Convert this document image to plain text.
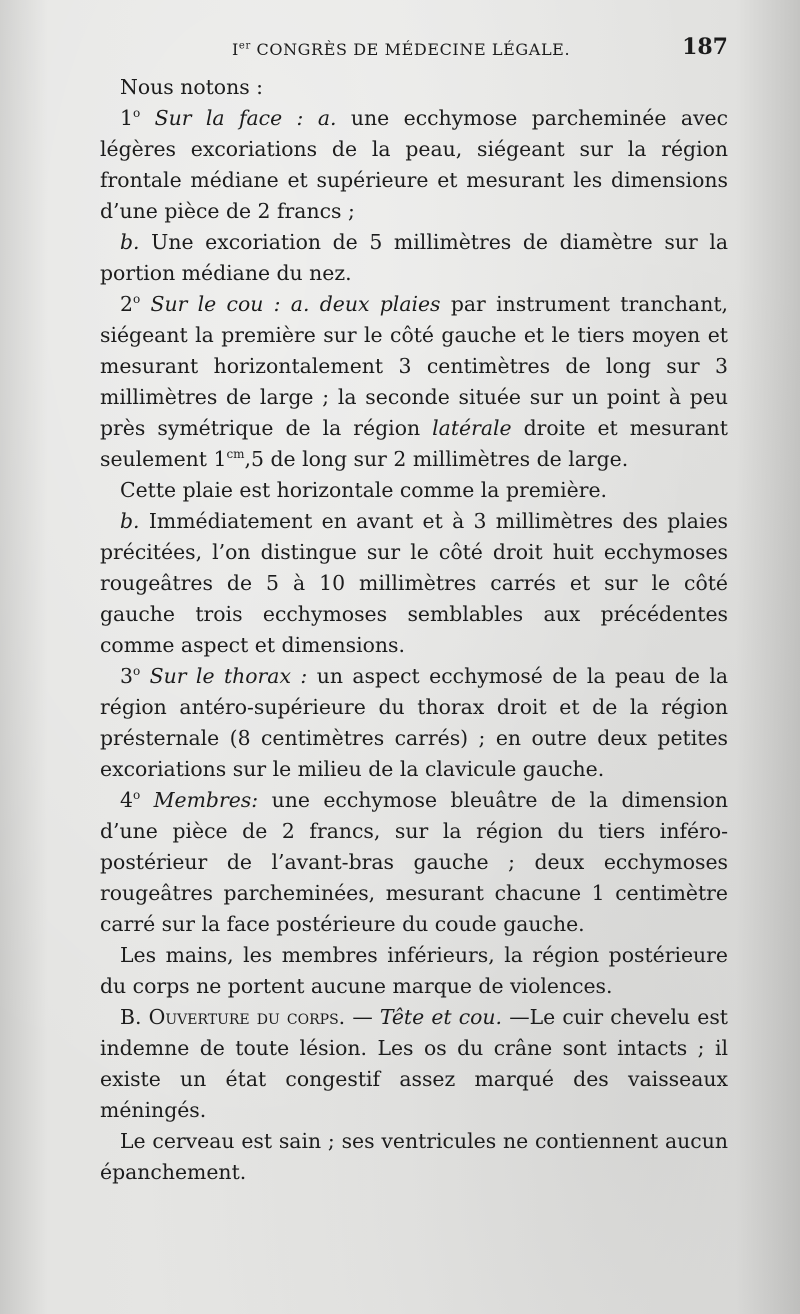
Ier CONGRÈS DE MÉDECINE LÉGALE.	187

Nous notons :

1$^o$ Sur la face : a. une ecchymose parcheminée avec légères excoriations de la peau, siégeant sur la région frontale médiane et supérieure et mesurant les dimensions d’une pièce de 2 francs ;

b. Une excoriation de 5 millimètres de diamètre sur la portion médiane du nez.

2$^o$ Sur le cou : a. deux plaies par instrument tranchant, siégeant la première sur le côté gauche et le tiers moyen et mesurant horizontalement 3 centimètres de long sur 3 millimètres de large ; la seconde située sur un point à peu près symétrique de la région latérale droite et mesurant seulement $1^{cm},5$ de long sur 2 millimètres de large.

Cette plaie est horizontale comme la première.

b. Immédiatement en avant et à 3 millimètres des plaies précitées, l’on distingue sur le côté droit huit ecchymoses rougeâtres de 5 à 10 millimètres carrés et sur le côté gauche trois ecchymoses semblables aux précédentes comme aspect et dimensions.

3$^o$ Sur le thorax : un aspect ecchymosé de la peau de la région antéro-supérieure du thorax droit et de la région présternale (8 centimètres carrés) ; en outre deux petites excoriations sur le milieu de la clavicule gauche.

4$^o$ Membres: une ecchymose bleuâtre de la dimension d’une pièce de 2 francs, sur la région du tiers inféro-postérieur de l’avant-bras gauche ; deux ecchymoses rougeâtres parcheminées, mesurant chacune 1 centimètre carré sur la face postérieure du coude gauche.

Les mains, les membres inférieurs, la région postérieure du corps ne portent aucune marque de violences.

B. Ouverture du corps. — Tête et cou. —Le cuir chevelu est indemne de toute lésion. Les os du crâne sont intacts ; il existe un état congestif assez marqué des vaisseaux méningés.

Le cerveau est sain ; ses ventricules ne contiennent aucun épanchement.
